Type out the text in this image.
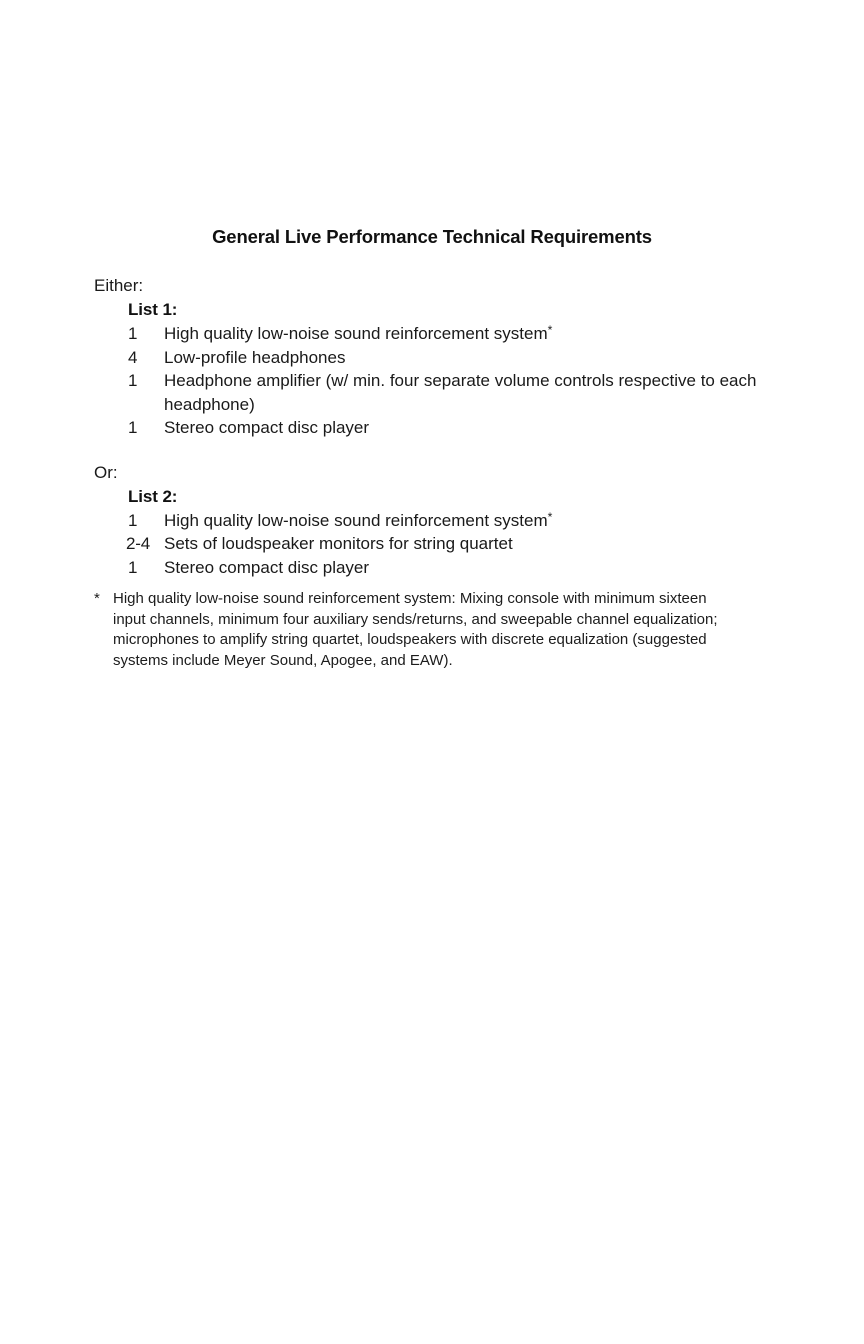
General Live Performance Technical Requirements
Either:
List 1:
1	High quality low-noise sound reinforcement system*
4	Low-profile headphones
1	Headphone amplifier (w/ min. four separate volume controls respective to each headphone)
1	Stereo compact disc player
Or:
List 2:
1	High quality low-noise sound reinforcement system*
2-4 Sets of loudspeaker monitors for string quartet
1	Stereo compact disc player
* High quality low-noise sound reinforcement system: Mixing console with minimum sixteen input channels, minimum four auxiliary sends/returns, and sweepable channel equalization; microphones to amplify string quartet, loudspeakers with discrete equalization (suggested systems include Meyer Sound, Apogee, and EAW).
